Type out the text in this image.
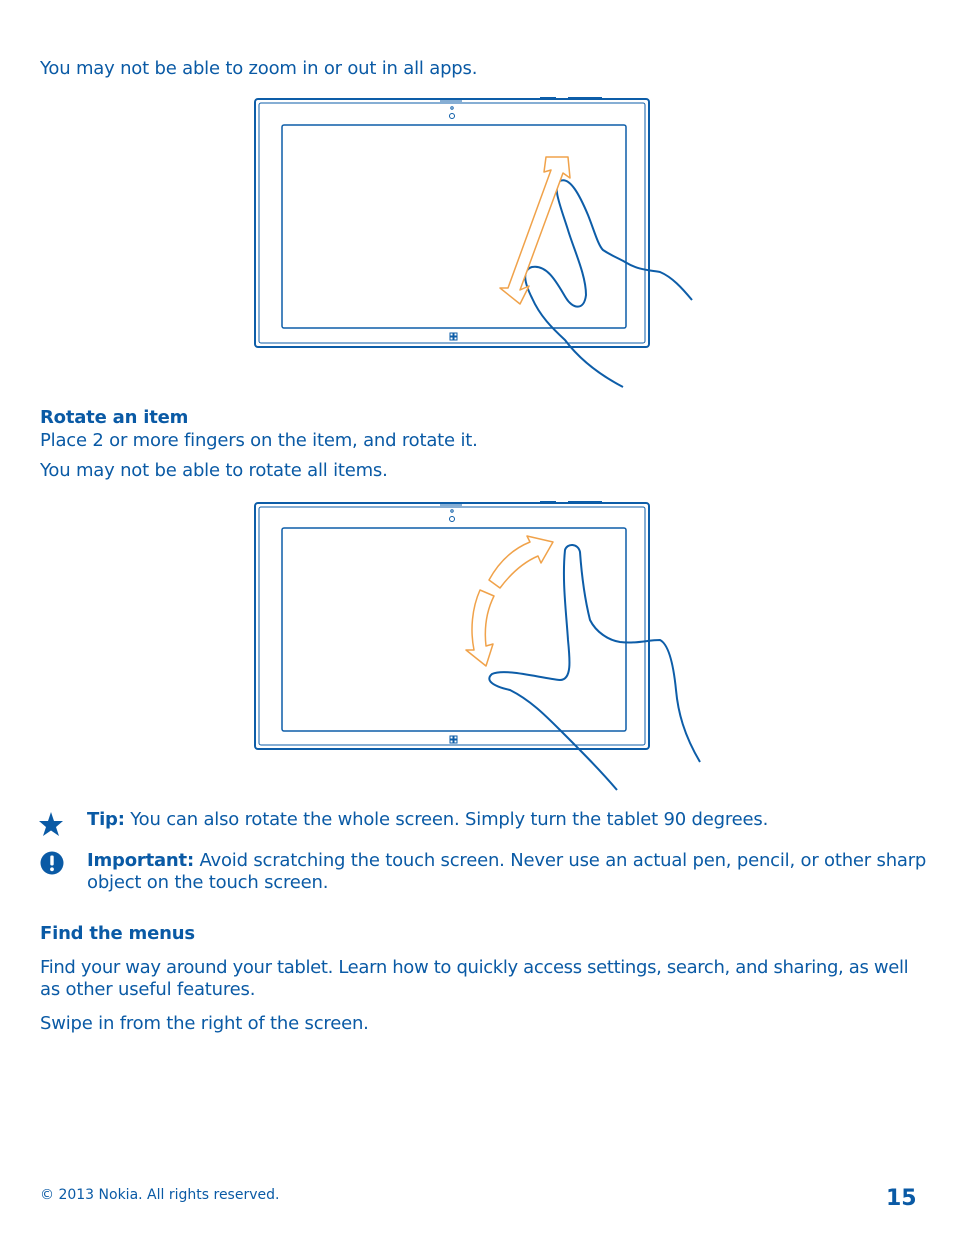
You may not be able to zoom in or out in all apps.
Rotate an item
Place 2 or more fingers on the item, and rotate it.
You may not be able to rotate all items.
Tip: You can also rotate the whole screen. Simply turn the tablet 90 degrees.
Important: Avoid scratching the touch screen. Never use an actual pen, pencil, or other sharp
object on the touch screen.
Find the menus
Find your way around your tablet. Learn how to quickly access settings, search, and sharing, as well
as other useful features.
Swipe in from the right of the screen.
© 2013 Nokia. All rights reserved.	15
